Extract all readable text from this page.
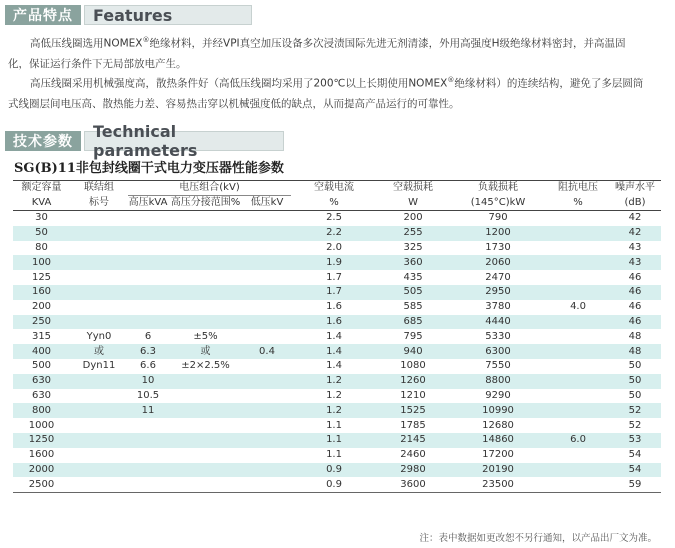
产品特点	Features
高低压线圈选用NOMEX®绝缘材料，并经VPI真空加压设备多次浸渍国际先进无剂清漆，外用高强度H级绝缘材料密封，并高温固
化，保证运行条件下无局部放电产生。
高压线圈采用机械强度高，散热条件好（高低压线圈均采用了200℃以上长期使用NOMEX®绝缘材料）的连续结构，避免了多层圆筒
式线圈层间电压高、散热能力差、容易热击穿以机械强度低的缺点，从而提高产品运行的可靠性。
技术参数
Technical parameters
SG(B)11非包封线圈干式电力变压器性能参数
额定容量	联结组	电压组合(kV)			空载电流	空载损耗	负载损耗	阻抗电压	噪声水平
KVA	标号	高压kVA	高压分接范围%	低压kV	%	W	(145°C)kW	%	(dB)
30					2.5	200	790		42
50					2.2	255	1200		42
80					2.0	325	1730		43
100					1.9	360	2060		43
125					1.7	435	2470		46
160					1.7	505	2950		46
200					1.6	585	3780	4.0	46
250					1.6	685	4440		46
315	Yyn0	6	±5%		1.4	795	5330		48
400	或	6.3	或	0.4	1.4	940	6300		48
500	Dyn11	6.6	±2×2.5%		1.4	1080	7550		50
630		10			1.2	1260	8800		50
630		10.5			1.2	1210	9290		50
800		11			1.2	1525	10990		52
1000					1.1	1785	12680		52
1250					1.1	2145	14860	6.0	53
1600					1.1	2460	17200		54
2000					0.9	2980	20190		54
2500					0.9	3600	23500		59
注：表中数据如更改恕不另行通知，以产品出厂文为准。
